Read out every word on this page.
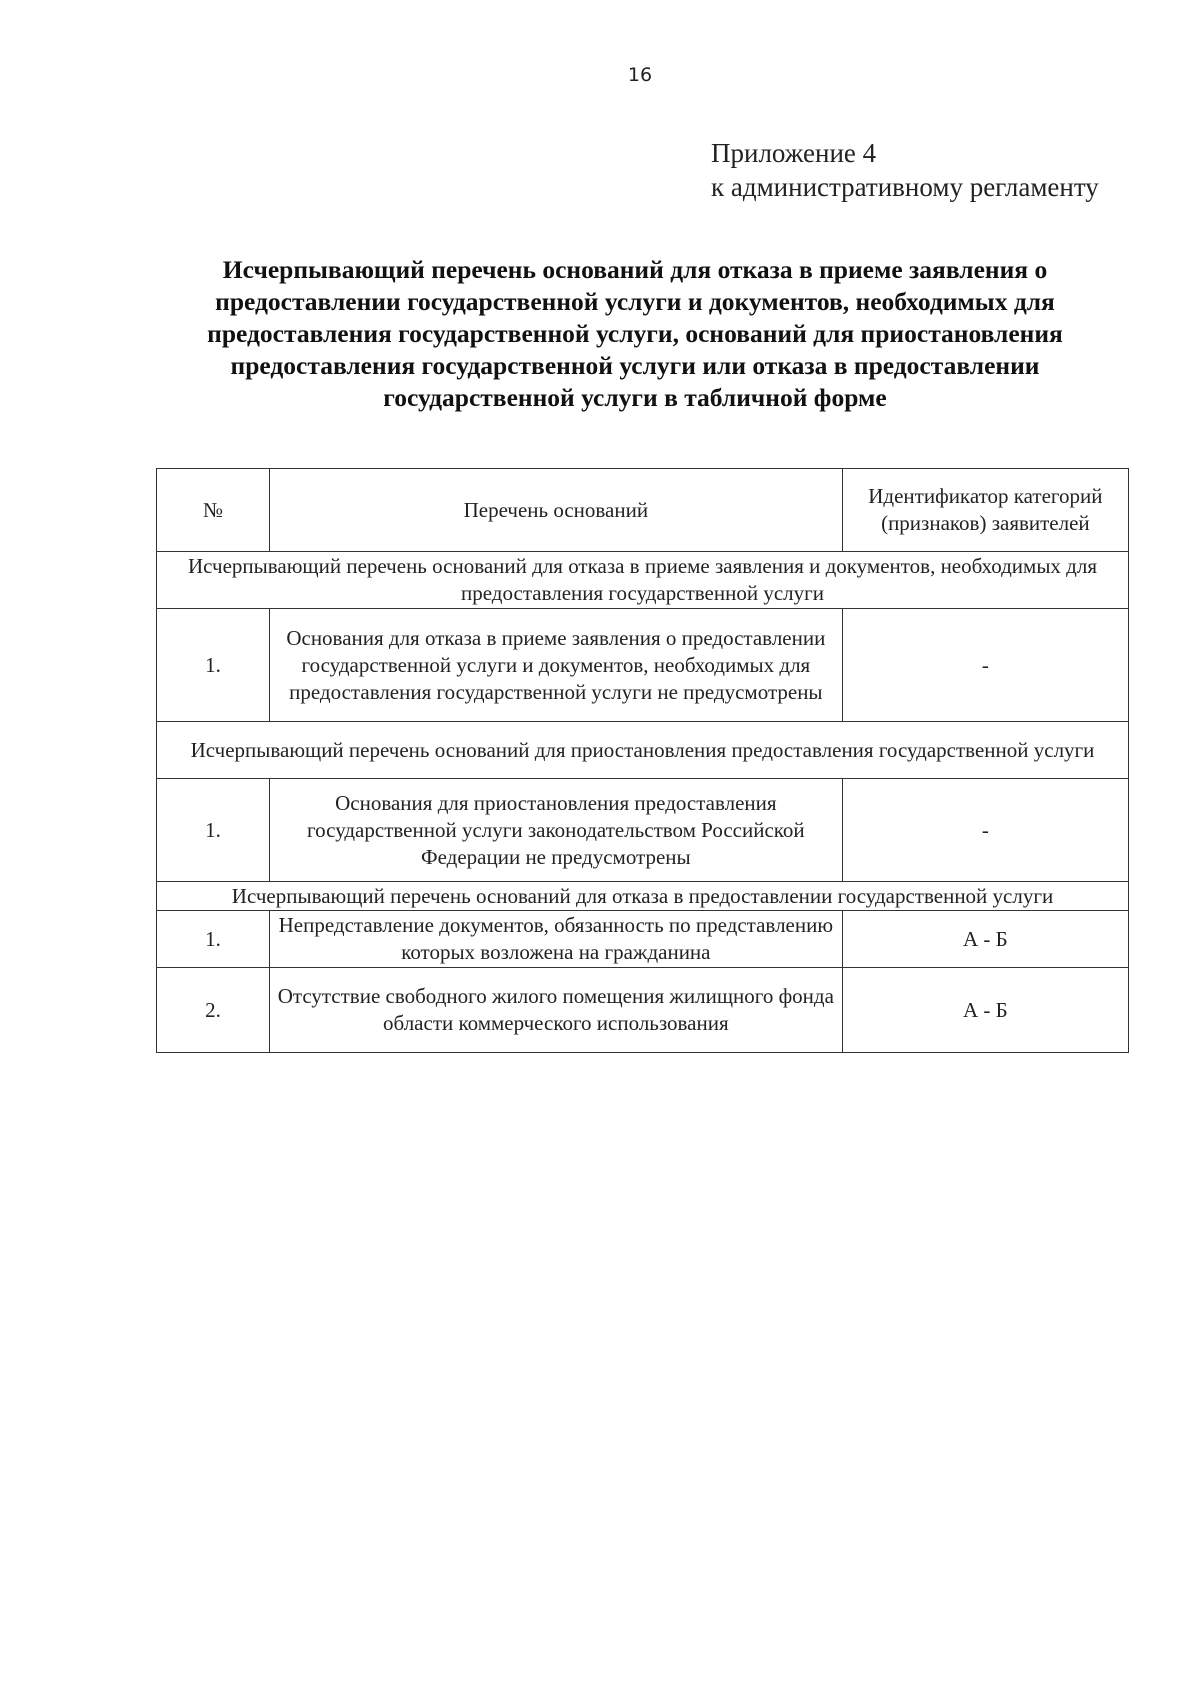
16
Приложение 4
к административному регламенту
Исчерпывающий перечень оснований для отказа в приеме заявления о предоставлении государственной услуги и документов, необходимых для предоставления государственной услуги, оснований для приостановления предоставления государственной услуги или отказа в предоставлении государственной услуги в табличной форме
№	Перечень оснований	Идентификатор категорий (признаков) заявителей
Исчерпывающий перечень оснований для отказа в приеме заявления и документов, необходимых для предоставления государственной услуги		
1.	Основания для отказа в приеме заявления о предоставлении государственной услуги и документов, необходимых для предоставления государственной услуги не предусмотрены	-
Исчерпывающий перечень оснований для приостановления предоставления государственной услуги		
1.	Основания для приостановления предоставления государственной услуги законодательством Российской Федерации не предусмотрены	-
Исчерпывающий перечень оснований для отказа в предоставлении государственной услуги		
1.	Непредставление документов, обязанность по представлению которых возложена на гражданина	А - Б
2.	Отсутствие свободного жилого помещения жилищного фонда области коммерческого использования	А - Б
